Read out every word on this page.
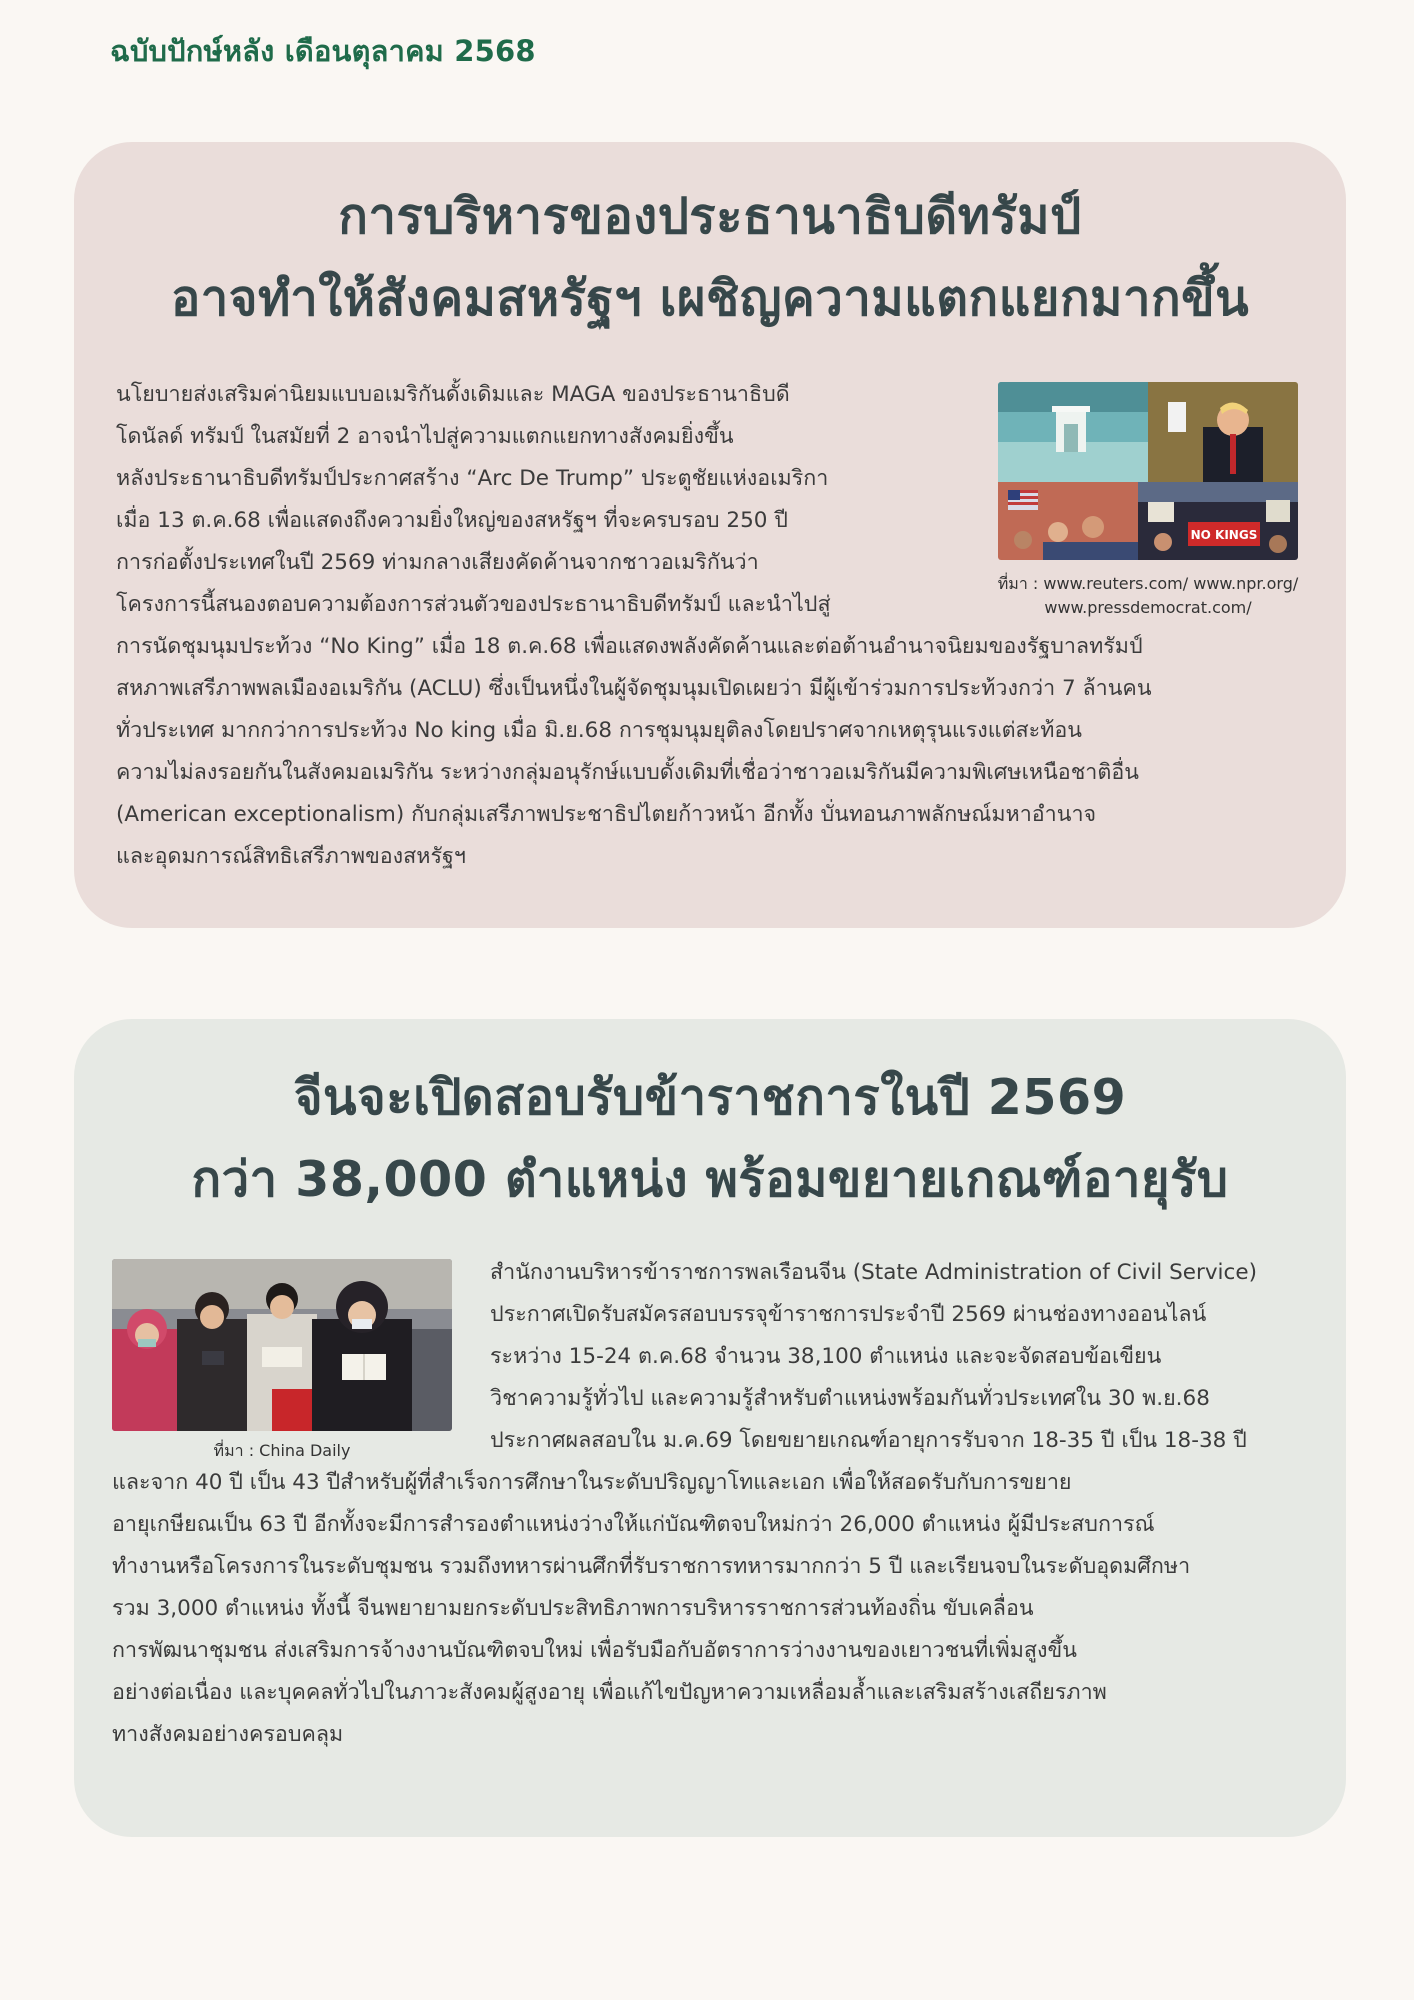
ฉบับปักษ์หลัง เดือนตุลาคม 2568
การบริหารของประธานาธิบดีทรัมป์
อาจทำให้สังคมสหรัฐฯ เผชิญความแตกแยกมากขึ้น
นโยบายส่งเสริมค่านิยมแบบอเมริกันดั้งเดิมและ MAGA ของประธานาธิบดี
โดนัลด์ ทรัมป์ ในสมัยที่ 2 อาจนำไปสู่ความแตกแยกทางสังคมยิ่งขึ้น
หลังประธานาธิบดีทรัมป์ประกาศสร้าง “Arc De Trump” ประตูชัยแห่งอเมริกา
เมื่อ 13 ต.ค.68 เพื่อแสดงถึงความยิ่งใหญ่ของสหรัฐฯ ที่จะครบรอบ 250 ปี
การก่อตั้งประเทศในปี 2569 ท่ามกลางเสียงคัดค้านจากชาวอเมริกันว่า
โครงการนี้สนองตอบความต้องการส่วนตัวของประธานาธิบดีทรัมป์ และนำไปสู่
การนัดชุมนุมประท้วง “No King” เมื่อ 18 ต.ค.68 เพื่อแสดงพลังคัดค้านและต่อต้านอำนาจนิยมของรัฐบาลทรัมป์
สหภาพเสรีภาพพลเมืองอเมริกัน (ACLU) ซึ่งเป็นหนึ่งในผู้จัดชุมนุมเปิดเผยว่า มีผู้เข้าร่วมการประท้วงกว่า 7 ล้านคน
ทั่วประเทศ มากกว่าการประท้วง No king เมื่อ มิ.ย.68 การชุมนุมยุติลงโดยปราศจากเหตุรุนแรงแต่สะท้อน
ความไม่ลงรอยกันในสังคมอเมริกัน ระหว่างกลุ่มอนุรักษ์แบบดั้งเดิมที่เชื่อว่าชาวอเมริกันมีความพิเศษเหนือชาติอื่น
(American exceptionalism) กับกลุ่มเสรีภาพประชาธิปไตยก้าวหน้า อีกทั้ง บั่นทอนภาพลักษณ์มหาอำนาจ
และอุดมการณ์สิทธิเสรีภาพของสหรัฐฯ
NO KINGS
ที่มา : www.reuters.com/ www.npr.org/
www.pressdemocrat.com/
จีนจะเปิดสอบรับข้าราชการในปี 2569
กว่า 38,000 ตำแหน่ง พร้อมขยายเกณฑ์อายุรับ
สำนักงานบริหารข้าราชการพลเรือนจีน (State Administration of Civil Service)
ประกาศเปิดรับสมัครสอบบรรจุข้าราชการประจำปี 2569 ผ่านช่องทางออนไลน์
ระหว่าง 15-24 ต.ค.68 จำนวน 38,100 ตำแหน่ง และจะจัดสอบข้อเขียน
วิชาความรู้ทั่วไป และความรู้สำหรับตำแหน่งพร้อมกันทั่วประเทศใน 30 พ.ย.68
ประกาศผลสอบใน ม.ค.69 โดยขยายเกณฑ์อายุการรับจาก 18-35 ปี เป็น 18-38 ปี
และจาก 40 ปี เป็น 43 ปีสำหรับผู้ที่สำเร็จการศึกษาในระดับปริญญาโทและเอก เพื่อให้สอดรับกับการขยาย
อายุเกษียณเป็น 63 ปี อีกทั้งจะมีการสำรองตำแหน่งว่างให้แก่บัณฑิตจบใหม่กว่า 26,000 ตำแหน่ง ผู้มีประสบการณ์
ทำงานหรือโครงการในระดับชุมชน รวมถึงทหารผ่านศึกที่รับราชการทหารมากกว่า 5 ปี และเรียนจบในระดับอุดมศึกษา
รวม 3,000 ตำแหน่ง ทั้งนี้ จีนพยายามยกระดับประสิทธิภาพการบริหารราชการส่วนท้องถิ่น ขับเคลื่อน
การพัฒนาชุมชน ส่งเสริมการจ้างงานบัณฑิตจบใหม่ เพื่อรับมือกับอัตราการว่างงานของเยาวชนที่เพิ่มสูงขึ้น
อย่างต่อเนื่อง และบุคคลทั่วไปในภาวะสังคมผู้สูงอายุ เพื่อแก้ไขปัญหาความเหลื่อมล้ำและเสริมสร้างเสถียรภาพ
ทางสังคมอย่างครอบคลุม
ที่มา : China Daily
